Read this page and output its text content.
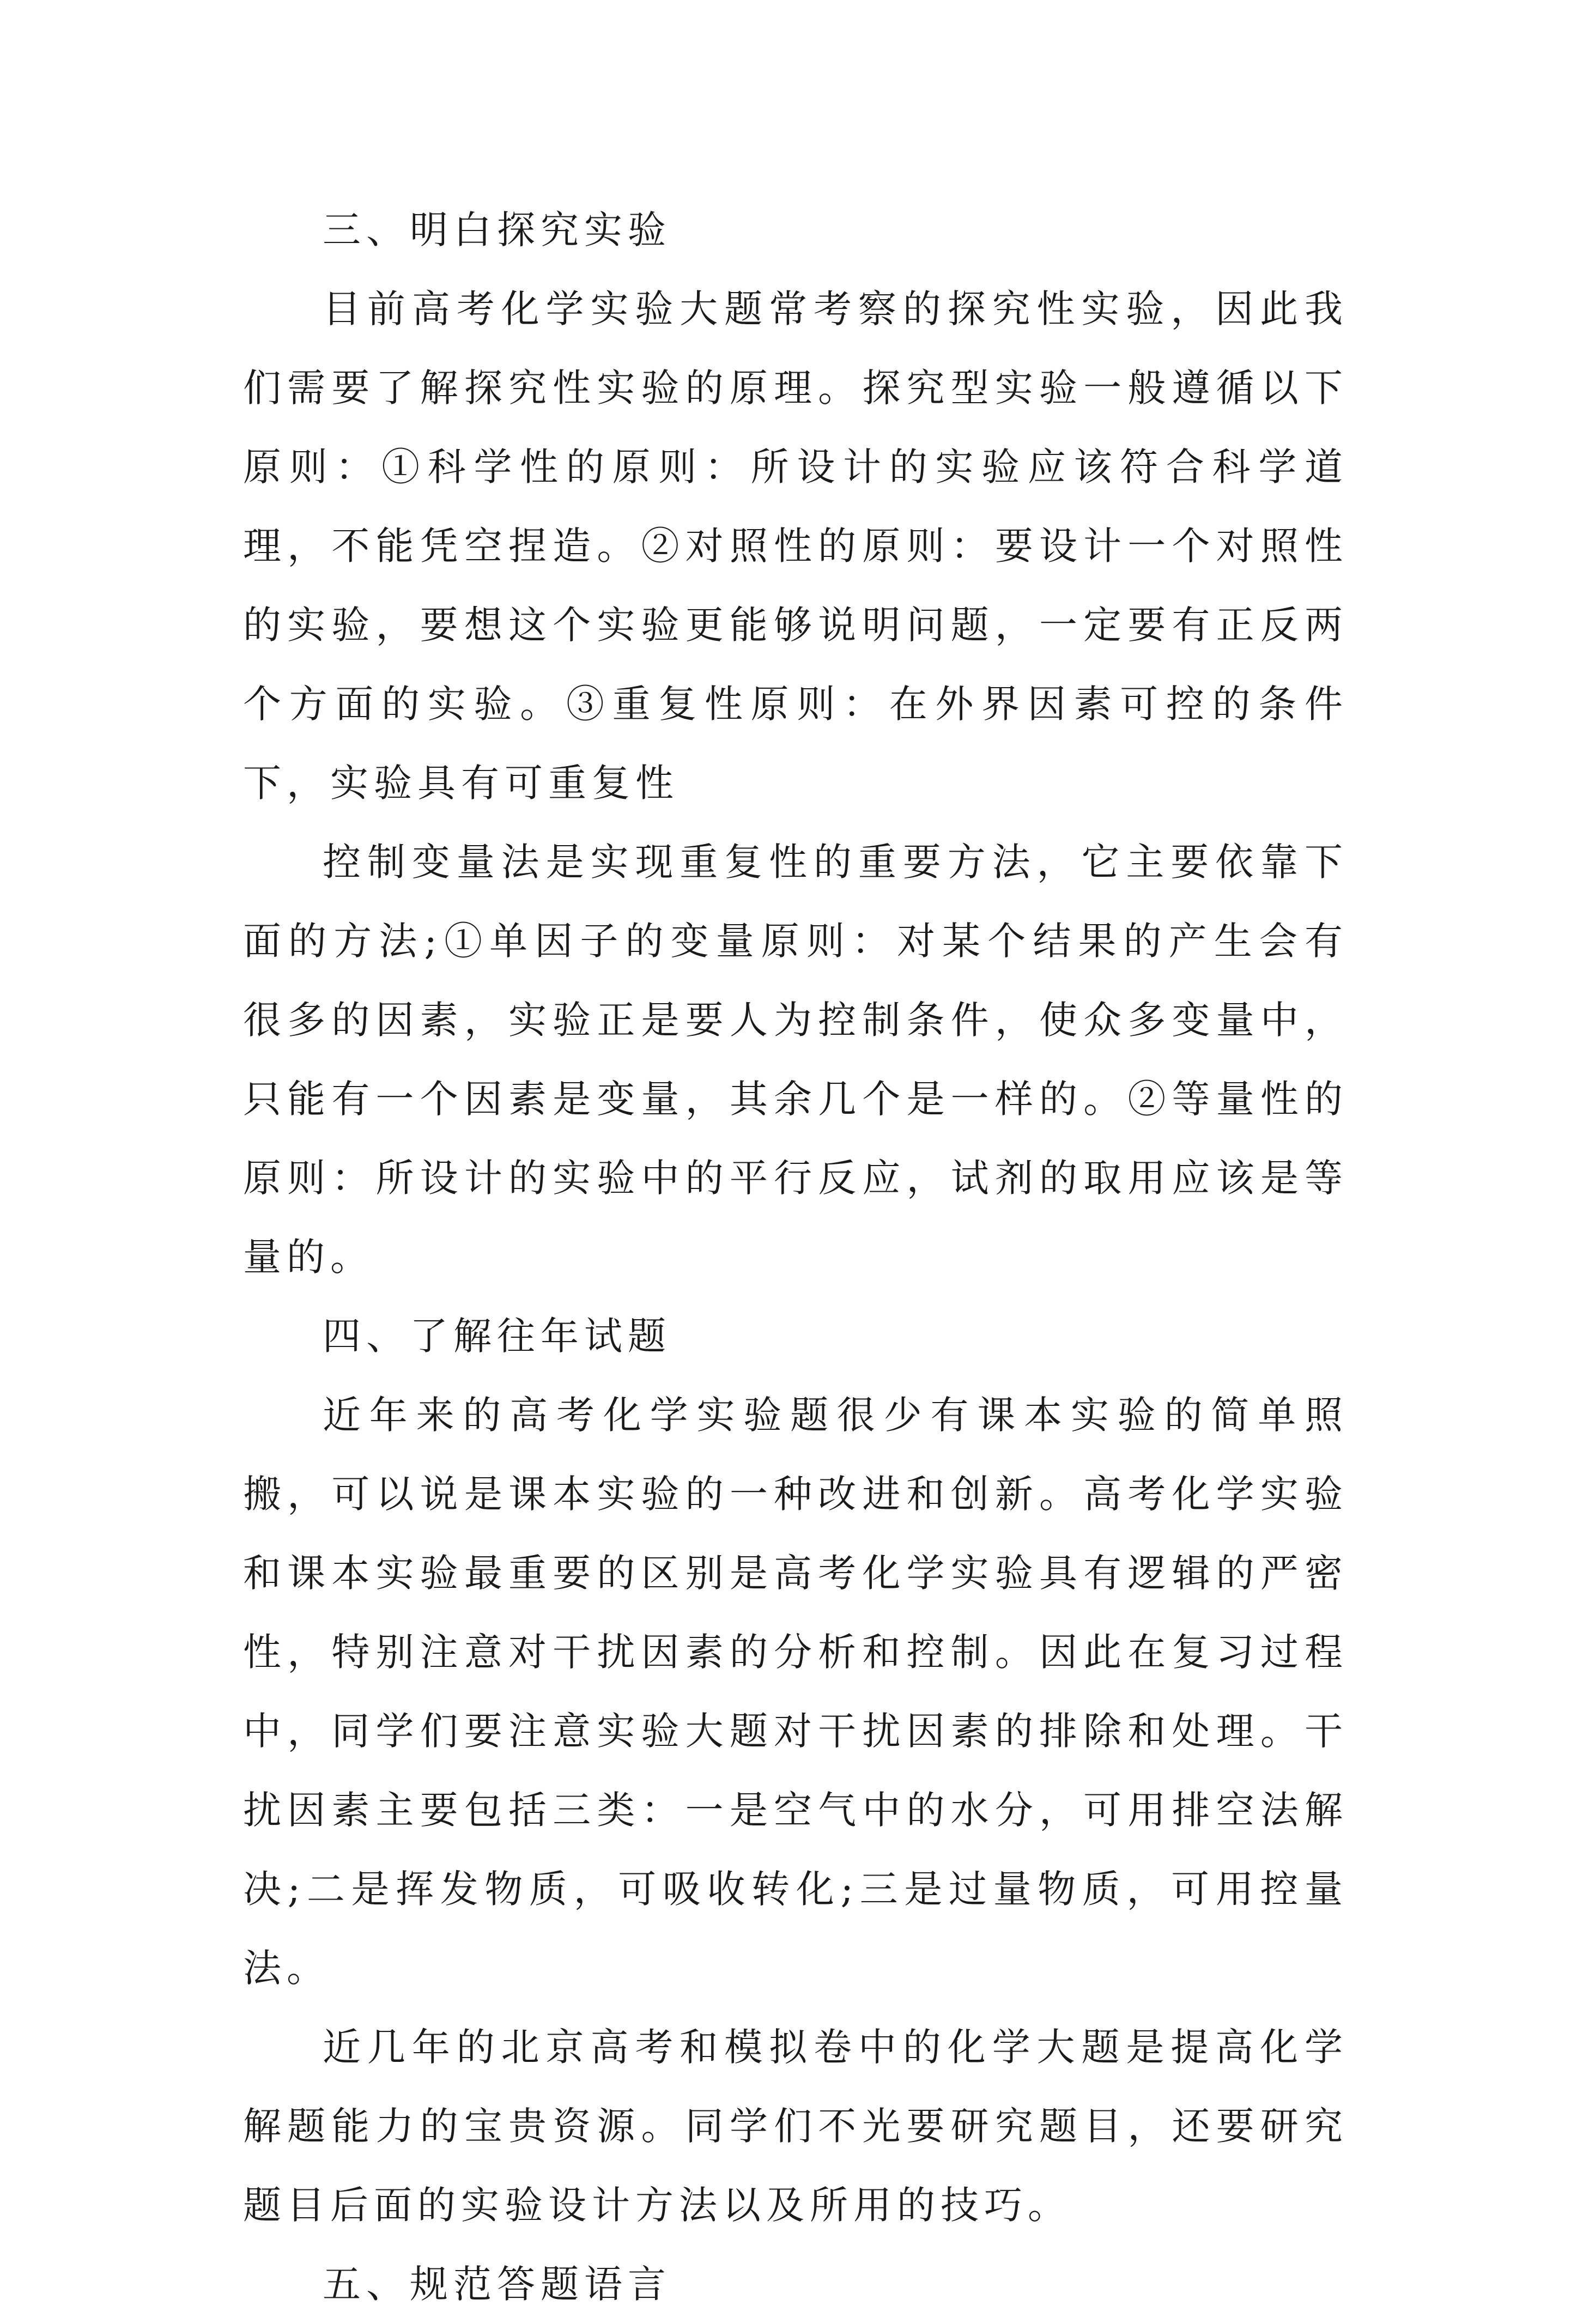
三、明白探究实验

目前高考化学实验大题常考察的探究性实验，因此我们需要了解探究性实验的原理。探究型实验一般遵循以下原则：①科学性的原则：所设计的实验应该符合科学道理，不能凭空捏造。②对照性的原则：要设计一个对照性的实验，要想这个实验更能够说明问题，一定要有正反两个方面的实验。③重复性原则：在外界因素可控的条件下，实验具有可重复性

控制变量法是实现重复性的重要方法，它主要依靠下面的方法;①单因子的变量原则：对某个结果的产生会有很多的因素，实验正是要人为控制条件，使众多变量中，只能有一个因素是变量，其余几个是一样的。②等量性的原则：所设计的实验中的平行反应，试剂的取用应该是等量的。

四、了解往年试题

近年来的高考化学实验题很少有课本实验的简单照搬，可以说是课本实验的一种改进和创新。高考化学实验和课本实验最重要的区别是高考化学实验具有逻辑的严密性，特别注意对干扰因素的分析和控制。因此在复习过程中，同学们要注意实验大题对干扰因素的排除和处理。干扰因素主要包括三类：一是空气中的水分，可用排空法解决;二是挥发物质，可吸收转化;三是过量物质，可用控量法。

近几年的北京高考和模拟卷中的化学大题是提高化学解题能力的宝贵资源。同学们不光要研究题目，还要研究题目后面的实验设计方法以及所用的技巧。

五、规范答题语言
